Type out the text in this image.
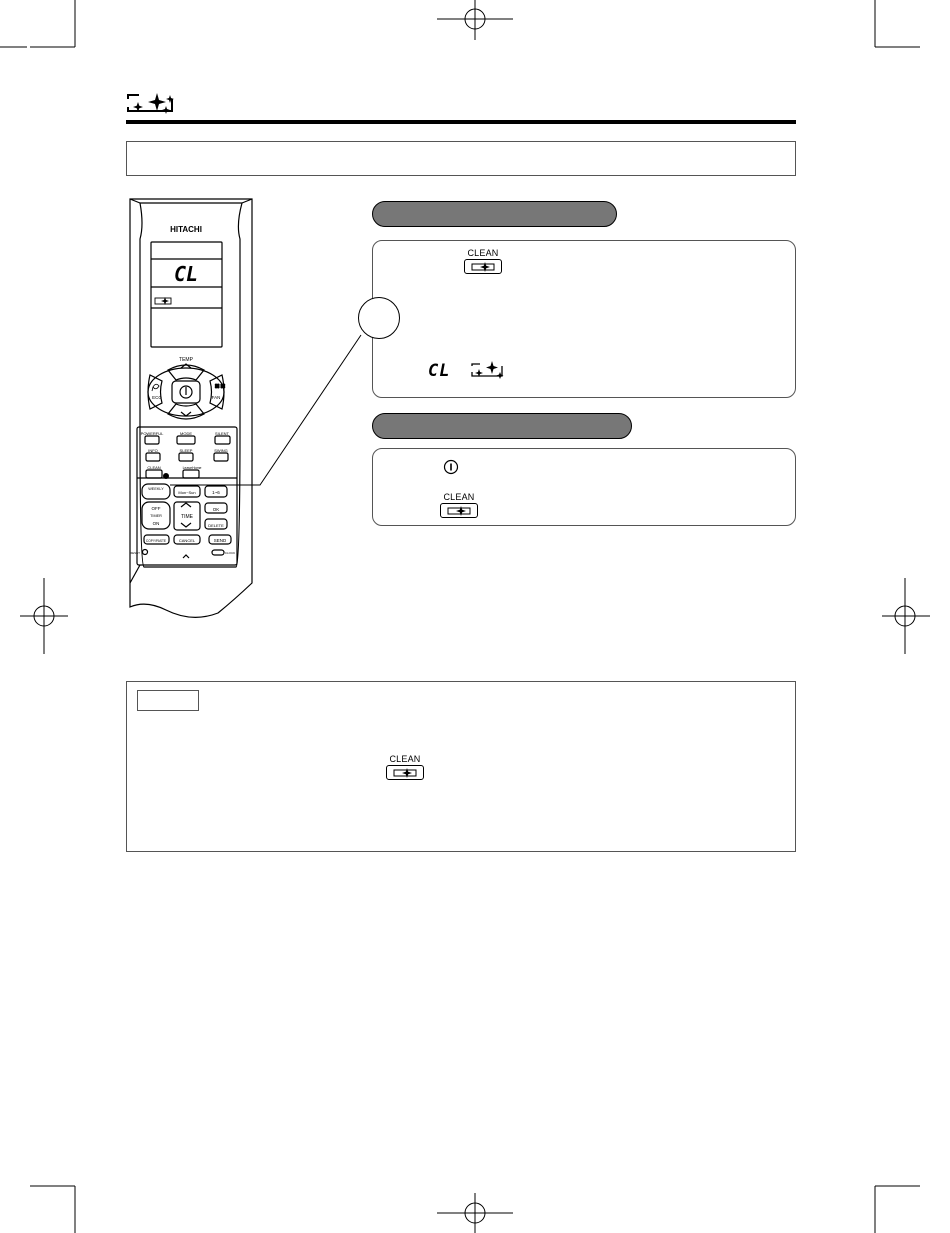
HITACHI
CL
TEMP
ECO	FAN
POWERFUL	MODE	SILENT
INFO	SLEEP	SWING
CLEAN	LeaveHome
WEEKLY
Mon~Sun	1~6
OFF
TIMER
ON
TIME
OK
DELETE
COPY/PASTE	CANCEL	SEND
RESET	CLOCK
CLEAN
CL
CLEAN
CLEAN
